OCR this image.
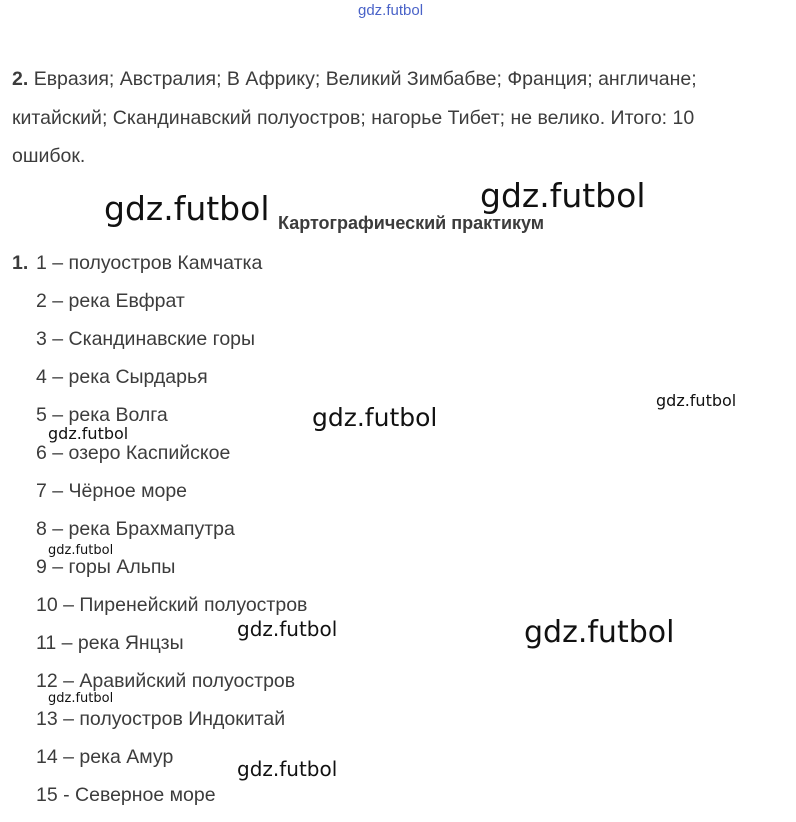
gdz.futbol
2. Евразия; Австралия; В Африку; Великий Зимбабве; Франция; англичане;
китайский; Скандинавский полуостров; нагорье Тибет; не велико. Итого: 10
ошибок.
gdz.futbol	gdz.futbol
Картографический практикум
1. 1 – полуостров Камчатка
2 – река Евфрат
3 – Скандинавские горы
4 – река Сырдарья
5 – река Волга
6 – озеро Каспийское
7 – Чёрное море
8 – река Брахмапутра
9 – горы Альпы
10 – Пиренейский полуостров
11 – река Янцзы
12 – Аравийский полуостров
13 – полуостров Индокитай
14 – река Амур
15 - Северное море
gdz.futbol
gdz.futbol
gdz.futbol
gdz.futbol
gdz.futbol	gdz.futbol
gdz.futbol
gdz.futbol
